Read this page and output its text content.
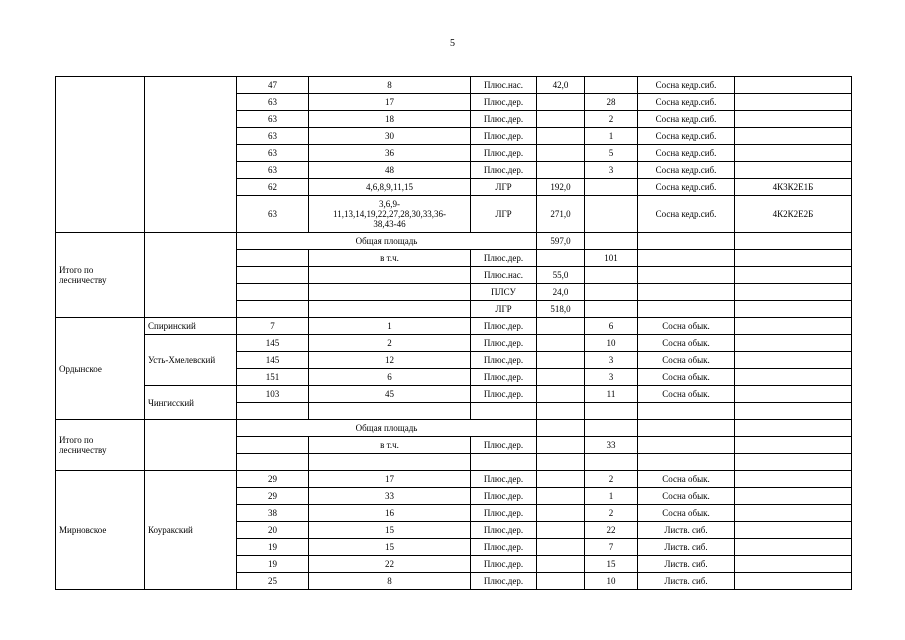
5
		47	8	Плюс.нас.	42,0		Сосна кедр.сиб.	
		63	17	Плюс.дер.		28	Сосна кедр.сиб.	
		63	18	Плюс.дер.		2	Сосна кедр.сиб.	
		63	30	Плюс.дер.		1	Сосна кедр.сиб.	
		63	36	Плюс.дер.		5	Сосна кедр.сиб.	
		63	48	Плюс.дер.		3	Сосна кедр.сиб.	
		62	4,6,8,9,11,15	ЛГР	192,0		Сосна кедр.сиб.	4К3К2Е1Б
		63	3,6,9-
11,13,14,19,22,27,28,30,33,36-
38,43-46	ЛГР	271,0		Сосна кедр.сиб.	4К2К2Е2Б
Итого по лесничеству		Общая площадь			597,0			
			в т.ч.	Плюс.дер.		101		
				Плюс.нас.	55,0			
				ПЛСУ	24,0			
				ЛГР	518,0			
Ордынское	Спиринский	7	1	Плюс.дер.		6	Сосна обык.	
	Усть-Хмелевский	145	2	Плюс.дер.		10	Сосна обык.	
		145	12	Плюс.дер.		3	Сосна обык.	
		151	6	Плюс.дер.		3	Сосна обык.	
	Чингисский	103	45	Плюс.дер.		11	Сосна обык.	

Итого по лесничеству		Общая площадь						
			в т.ч.	Плюс.дер.		33		

Мирновское	Коуракский	29	17	Плюс.дер.		2	Сосна обык.	
		29	33	Плюс.дер.		1	Сосна обык.	
		38	16	Плюс.дер.		2	Сосна обык.	
		20	15	Плюс.дер.		22	Листв. сиб.	
		19	15	Плюс.дер.		7	Листв. сиб.	
		19	22	Плюс.дер.		15	Листв. сиб.	
		25	8	Плюс.дер.		10	Листв. сиб.	
